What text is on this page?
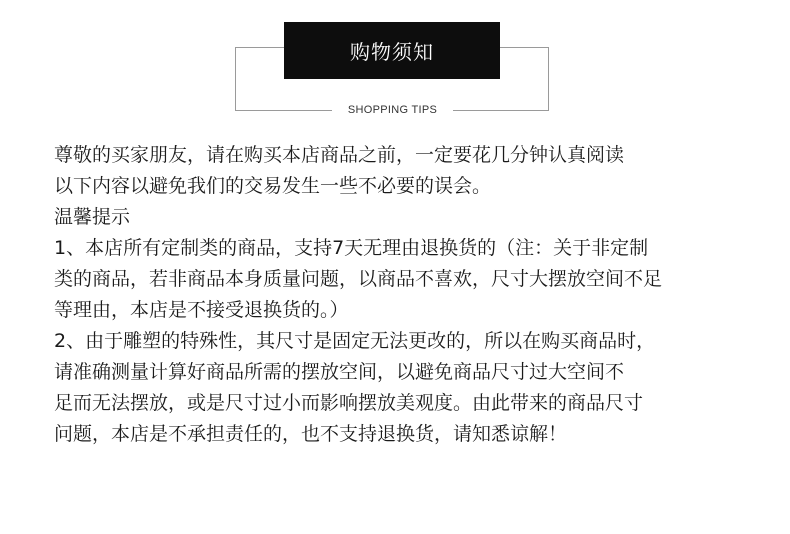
购物须知
SHOPPING TIPS
尊敬的买家朋友，请在购买本店商品之前，一定要花几分钟认真阅读
以下内容以避免我们的交易发生一些不必要的误会。
温馨提示
1、本店所有定制类的商品，支持7天无理由退换货的（注：关于非定制
类的商品，若非商品本身质量问题，以商品不喜欢，尺寸大摆放空间不足
等理由，本店是不接受退换货的。）
2、由于雕塑的特殊性，其尺寸是固定无法更改的，所以在购买商品时，
请准确测量计算好商品所需的摆放空间，以避免商品尺寸过大空间不
足而无法摆放，或是尺寸过小而影响摆放美观度。由此带来的商品尺寸
问题，本店是不承担责任的，也不支持退换货，请知悉谅解！
